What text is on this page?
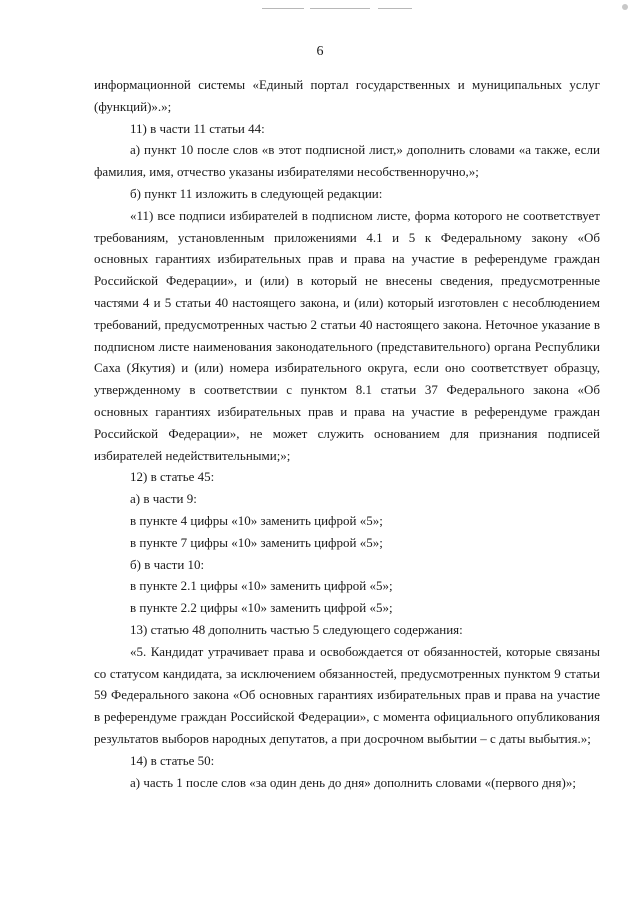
6

информационной системы «Единый портал государственных и муниципальных услуг (функций)».»;

11) в части 11 статьи 44:

а) пункт 10 после слов «в этот подписной лист,» дополнить словами «а также, если фамилия, имя, отчество указаны избирателями несобственноручно,»;

б) пункт 11 изложить в следующей редакции:

«11) все подписи избирателей в подписном листе, форма которого не соответствует требованиям, установленным приложениями 4.1 и 5 к Федеральному закону «Об основных гарантиях избирательных прав и права на участие в референдуме граждан Российской Федерации», и (или) в который не внесены сведения, предусмотренные частями 4 и 5 статьи 40 настоящего закона, и (или) который изготовлен с несоблюдением требований, предусмотренных частью 2 статьи 40 настоящего закона. Неточное указание в подписном листе наименования законодательного (представительного) органа Республики Саха (Якутия) и (или) номера избирательного округа, если оно соответствует образцу, утвержденному в соответствии с пунктом 8.1 статьи 37 Федерального закона «Об основных гарантиях избирательных прав и права на участие в референдуме граждан Российской Федерации», не может служить основанием для признания подписей избирателей недействительными;»;

12) в статье 45:

а) в части 9:

в пункте 4 цифры «10» заменить цифрой «5»;

в пункте 7 цифры «10» заменить цифрой «5»;

б) в части 10:

в пункте 2.1 цифры «10» заменить цифрой «5»;

в пункте 2.2 цифры «10» заменить цифрой «5»;

13) статью 48 дополнить частью 5 следующего содержания:

«5. Кандидат утрачивает права и освобождается от обязанностей, которые связаны со статусом кандидата, за исключением обязанностей, предусмотренных пунктом 9 статьи 59 Федерального закона «Об основных гарантиях избирательных прав и права на участие в референдуме граждан Российской Федерации», с момента официального опубликования результатов выборов народных депутатов, а при досрочном выбытии – с даты выбытия.»;

14) в статье 50:

а) часть 1 после слов «за один день до дня» дополнить словами «(первого дня)»;
